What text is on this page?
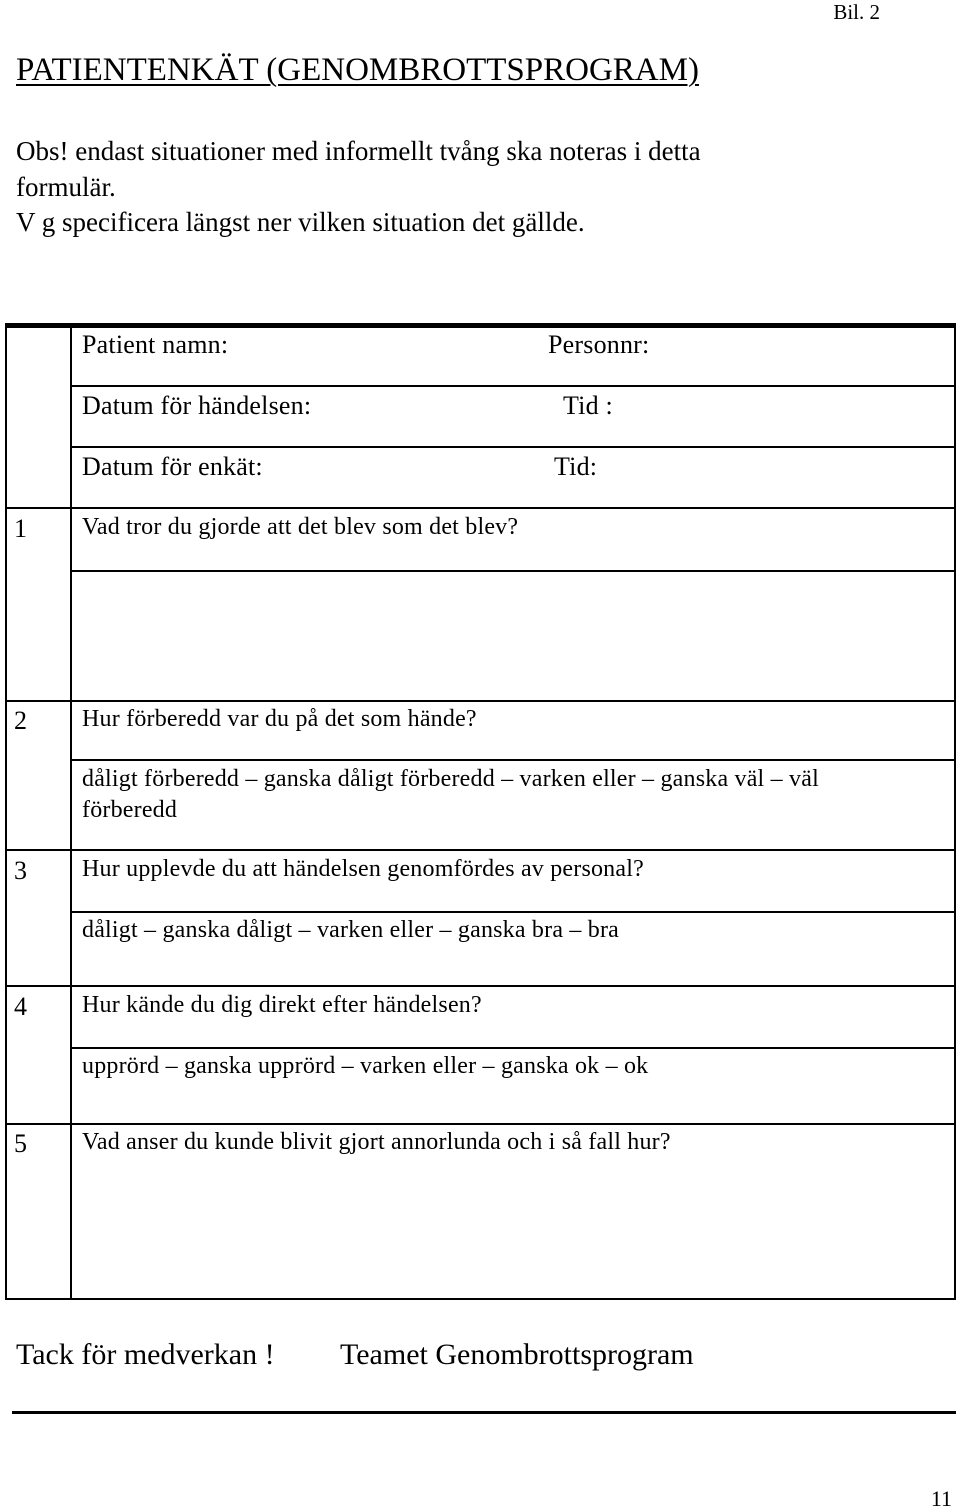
Bil. 2
PATIENTENKÄT (GENOMBROTTSPROGRAM)
Obs! endast situationer med informellt tvång ska noteras i detta
formulär.
V g specificera längst ner vilken situation det gällde.
Patient namn:	Personnr:
Datum för händelsen:	Tid :
Datum för enkät:	Tid:
1 Vad tror du gjorde att det blev som det blev?
2 Hur förberedd var du på det som hände?
dåligt förberedd – ganska dåligt förberedd – varken eller – ganska väl – väl
förberedd
3 Hur upplevde du att händelsen genomfördes av personal?
dåligt – ganska dåligt – varken eller – ganska bra – bra
4 Hur kände du dig direkt efter händelsen?
upprörd – ganska upprörd – varken eller – ganska ok – ok
5 Vad anser du kunde blivit gjort annorlunda och i så fall hur?
Tack för medverkan ! Teamet Genombrottsprogram
11
